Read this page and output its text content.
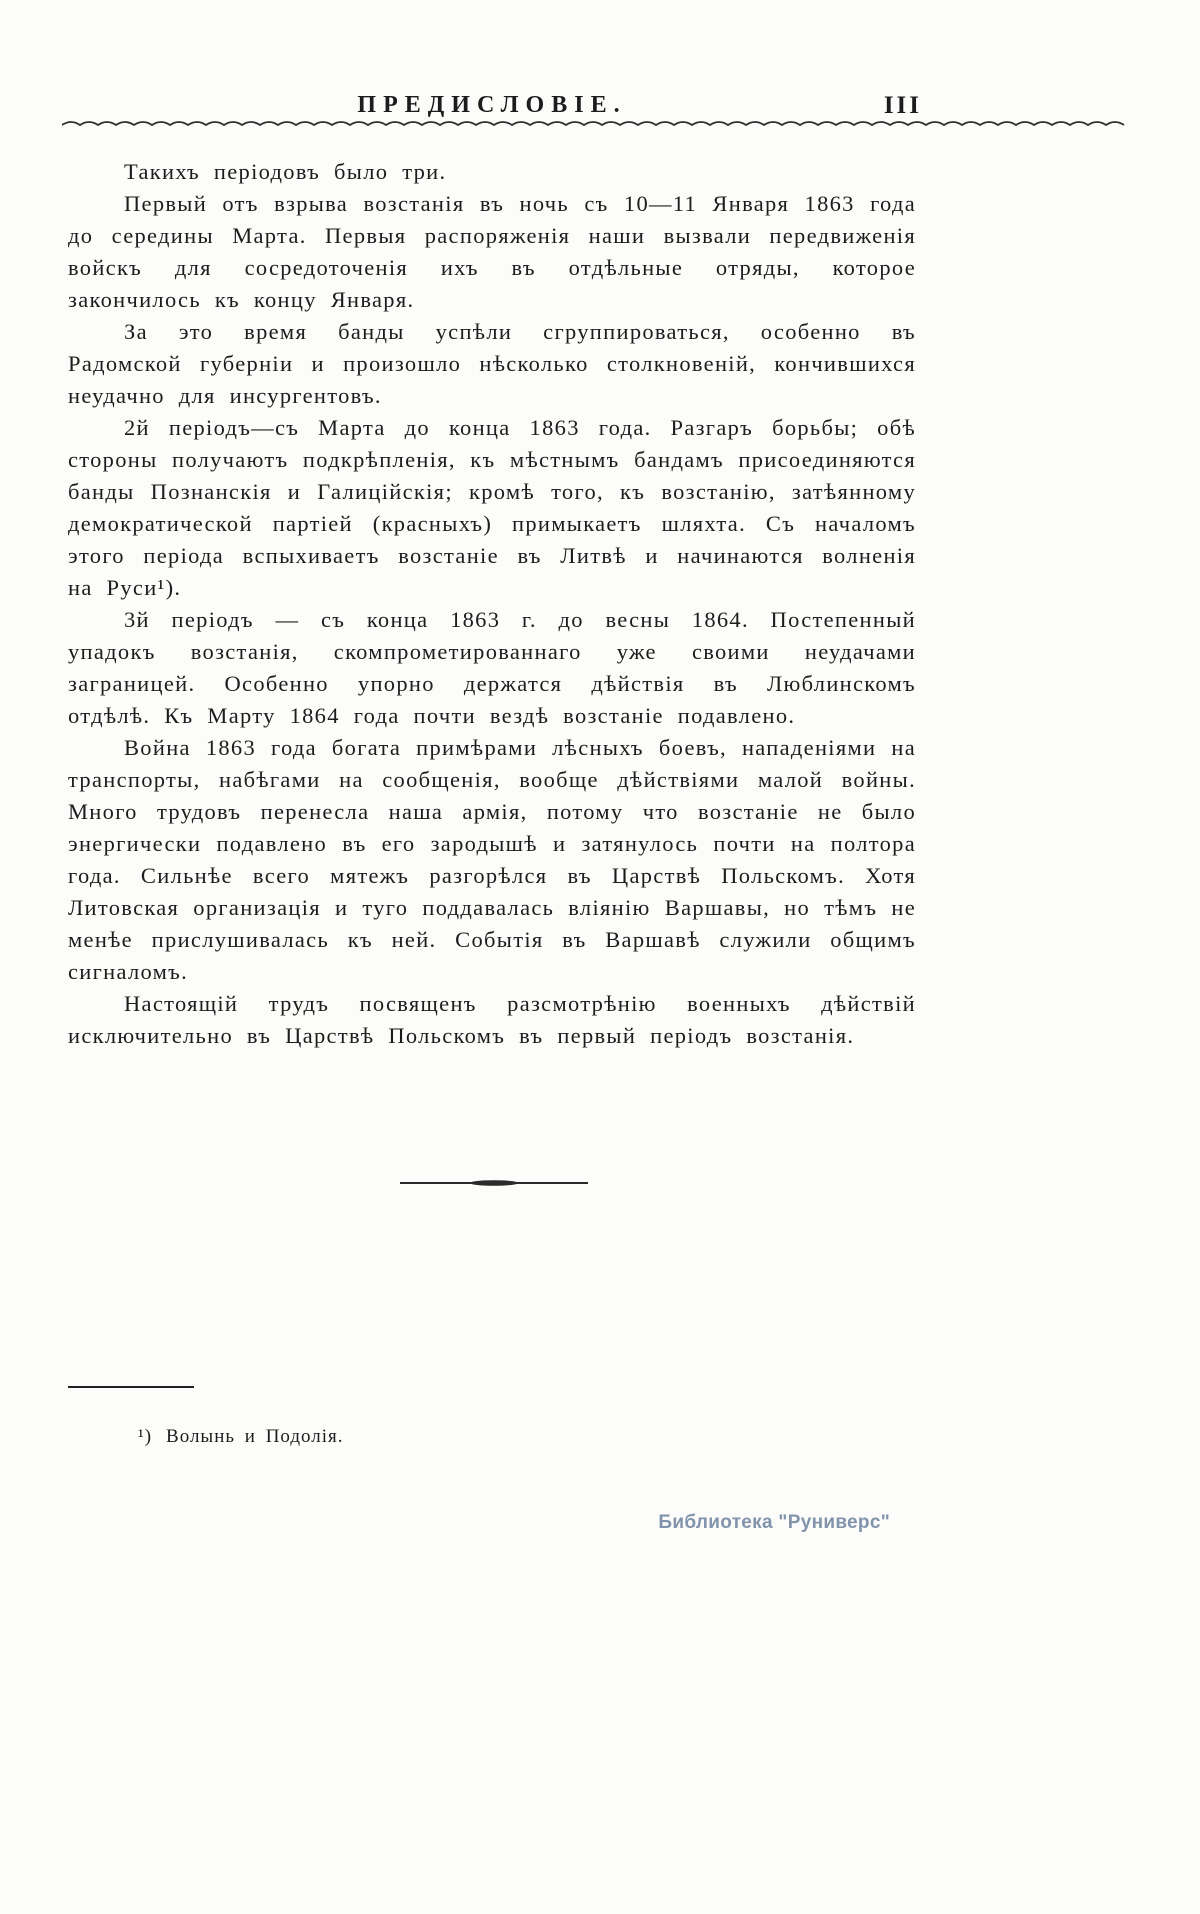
ПРЕДИСЛОВІЕ.	III

Такихъ періодовъ было три.

Первый отъ взрыва возстанія въ ночь съ 10—11 Января 1863 года до середины Марта. Первыя распоряженія наши вызвали передвиженія войскъ для сосредоточенія ихъ въ отдѣльные отряды, которое закончилось къ концу Января.

За это время банды успѣли сгруппироваться, особенно въ Радомской губерніи и произошло нѣсколько столкновеній, кончившихся неудачно для инсургентовъ.

2й періодъ—съ Марта до конца 1863 года. Разгаръ борьбы; обѣ стороны получаютъ подкрѣпленія, къ мѣстнымъ бандамъ присоединяются банды Познанскія и Галиційскія; кромѣ того, къ возстанію, затѣянному демократической партіей (красныхъ) примыкаетъ шляхта. Съ началомъ этого періода вспыхиваетъ возстаніе въ Литвѣ и начинаются волненія на Руси¹).

3й періодъ — съ конца 1863 г. до весны 1864. Постепенный упадокъ возстанія, скомпрометированнаго уже своими неудачами заграницей. Особенно упорно держатся дѣйствія въ Люблинскомъ отдѣлѣ. Къ Марту 1864 года почти вездѣ возстаніе подавлено.

Война 1863 года богата примѣрами лѣсныхъ боевъ, нападеніями на транспорты, набѣгами на сообщенія, вообще дѣйствіями малой войны. Много трудовъ перенесла наша армія, потому что возстаніе не было энергически подавлено въ его зародышѣ и затянулось почти на полтора года. Сильнѣе всего мятежъ разгорѣлся въ Царствѣ Польскомъ. Хотя Литовская организація и туго поддавалась вліянію Варшавы, но тѣмъ не менѣе прислушивалась къ ней. Событія въ Варшавѣ служили общимъ сигналомъ.

Настоящій трудъ посвященъ разсмотрѣнію военныхъ дѣйствій исключительно въ Царствѣ Польскомъ въ первый періодъ возстанія.

¹) Волынь и Подолія.
Библиотека "Руниверс"
